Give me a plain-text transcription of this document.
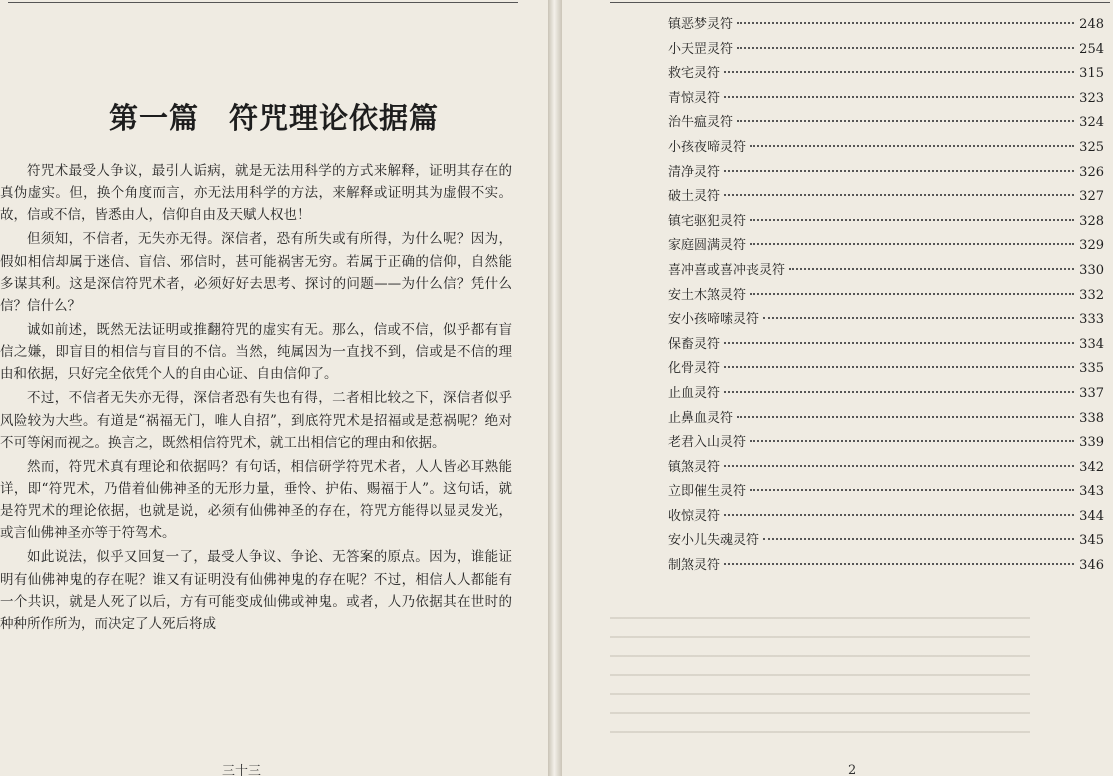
第一篇　符咒理论依据篇

符咒术最受人争议，最引人诟病，就是无法用科学的方式来解释，证明其存在的真伪虚实。但，换个角度而言，亦无法用科学的方法，来解释或证明其为虚假不实。故，信或不信，皆悉由人，信仰自由及天赋人权也！

但须知，不信者，无失亦无得。深信者，恐有所失或有所得，为什么呢？因为，假如相信却属于迷信、盲信、邪信时，甚可能祸害无穷。若属于正确的信仰，自然能多谋其利。这是深信符咒术者，必须好好去思考、探讨的问题——为什么信？凭什么信？信什么？

诚如前述，既然无法证明或推翻符咒的虚实有无。那么，信或不信，似乎都有盲信之嫌，即盲目的相信与盲目的不信。当然，纯属因为一直找不到，信或是不信的理由和依据，只好完全依凭个人的自由心证、自由信仰了。

不过，不信者无失亦无得，深信者恐有失也有得，二者相比较之下，深信者似乎风险较为大些。有道是“祸福无门，唯人自招”，到底符咒术是招福或是惹祸呢？绝对不可等闲而视之。换言之，既然相信符咒术，就工出相信它的理由和依据。

然而，符咒术真有理论和依据吗？有句话，相信研学符咒术者，人人皆必耳熟能详，即“符咒术，乃借着仙佛神圣的无形力量，垂怜、护佑、赐福于人”。这句话，就是符咒术的理论依据，也就是说，必须有仙佛神圣的存在，符咒方能得以显灵发光，或言仙佛神圣亦等于符驾术。

如此说法，似乎又回复一了，最受人争议、争论、无答案的原点。因为，谁能证明有仙佛神鬼的存在呢？谁又有证明没有仙佛神鬼的存在呢？不过，相信人人都能有一个共识，就是人死了以后，方有可能变成仙佛或神鬼。或者，人乃依据其在世时的种种所作所为，而决定了人死后将成

三十三
镇恶梦灵符	248
小天罡灵符	254
救宅灵符	315
青惊灵符	323
治牛瘟灵符	324
小孩夜啼灵符	325
清净灵符	326
破土灵符	327
镇宅驱犯灵符	328
家庭圆满灵符	329
喜冲喜或喜冲丧灵符	330
安土木煞灵符	332
安小孩啼嗦灵符	333
保畜灵符	334
化骨灵符	335
止血灵符	337
止鼻血灵符	338
老君入山灵符	339
镇煞灵符	342
立即催生灵符	343
收惊灵符	344
安小儿失魂灵符	345
制煞灵符	346
2
